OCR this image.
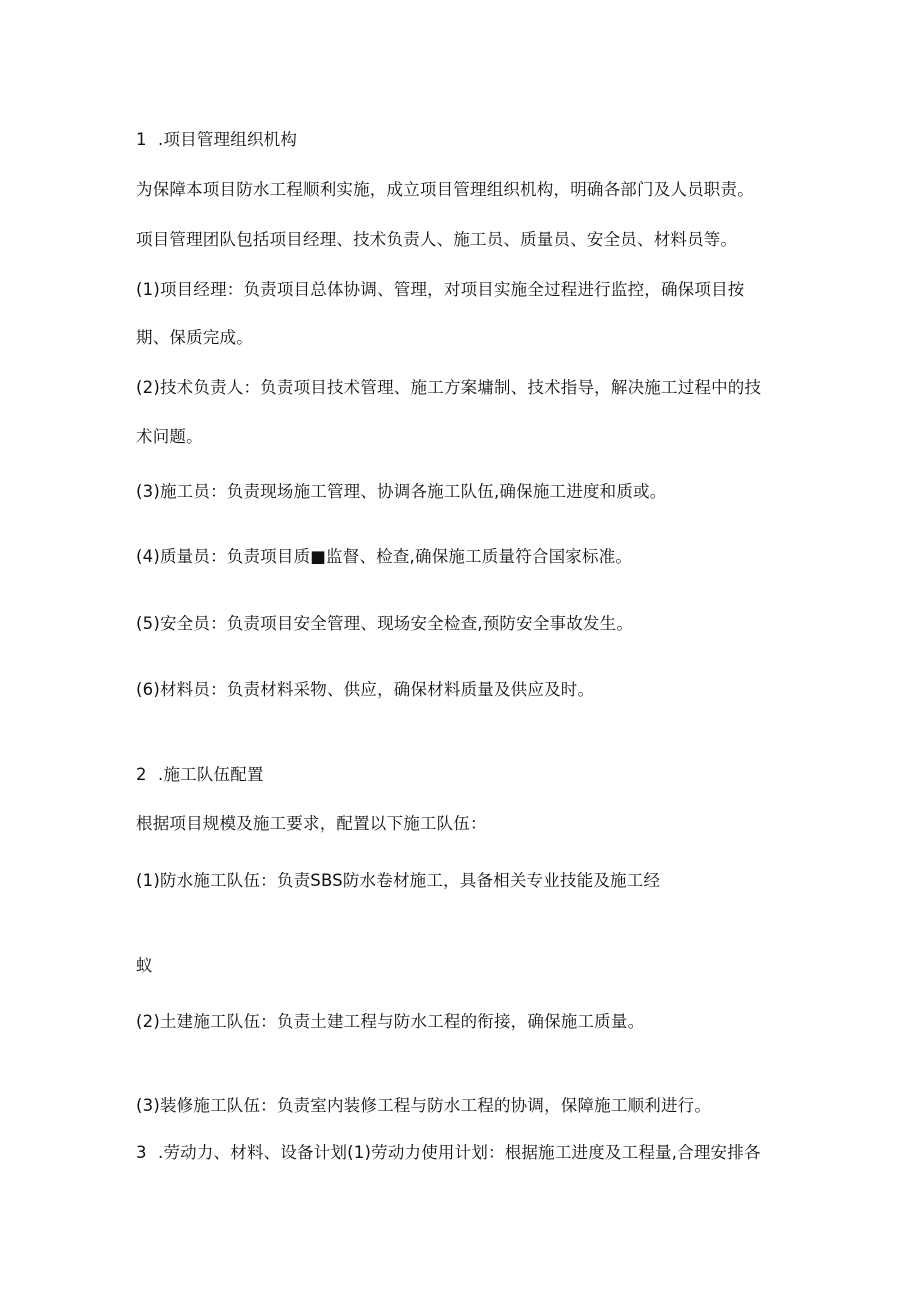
1 .项目管理组织机构
为保障本项目防水工程顺利实施，成立项目管理组织机构，明确各部门及人员职责。
项目管理团队包括项目经理、技术负责人、施工员、质量员、安全员、材料员等。
(1)项目经理：负责项目总体协调、管理，对项目实施全过程进行监控，确保项目按
期、保质完成。
(2)技术负责人：负责项目技术管理、施工方案墉制、技术指导，解决施工过程中的技
术问题。
(3)施工员：负责现场施工管理、协调各施工队伍,确保施工进度和质或。
(4)质量员：负责项目质■监督、检查,确保施工质量符合国家标准。
(5)安全员：负责项目安全管理、现场安全检查,预防安全事故发生。
(6)材料员：负责材料采物、供应，确保材料质量及供应及时。
2 .施工队伍配置
根据项目规模及施工要求，配置以下施工队伍：
(1)防水施工队伍：负责SBS防水卷材施工，具备相关专业技能及施工经
蚁
(2)土建施工队伍：负责土建工程与防水工程的衔接，确保施工质量。
(3)装修施工队伍：负责室内装修工程与防水工程的协调，保障施工顺利进行。
3 .劳动力、材料、设备计划(1)劳动力使用计划：根据施工进度及工程量,合理安排各
